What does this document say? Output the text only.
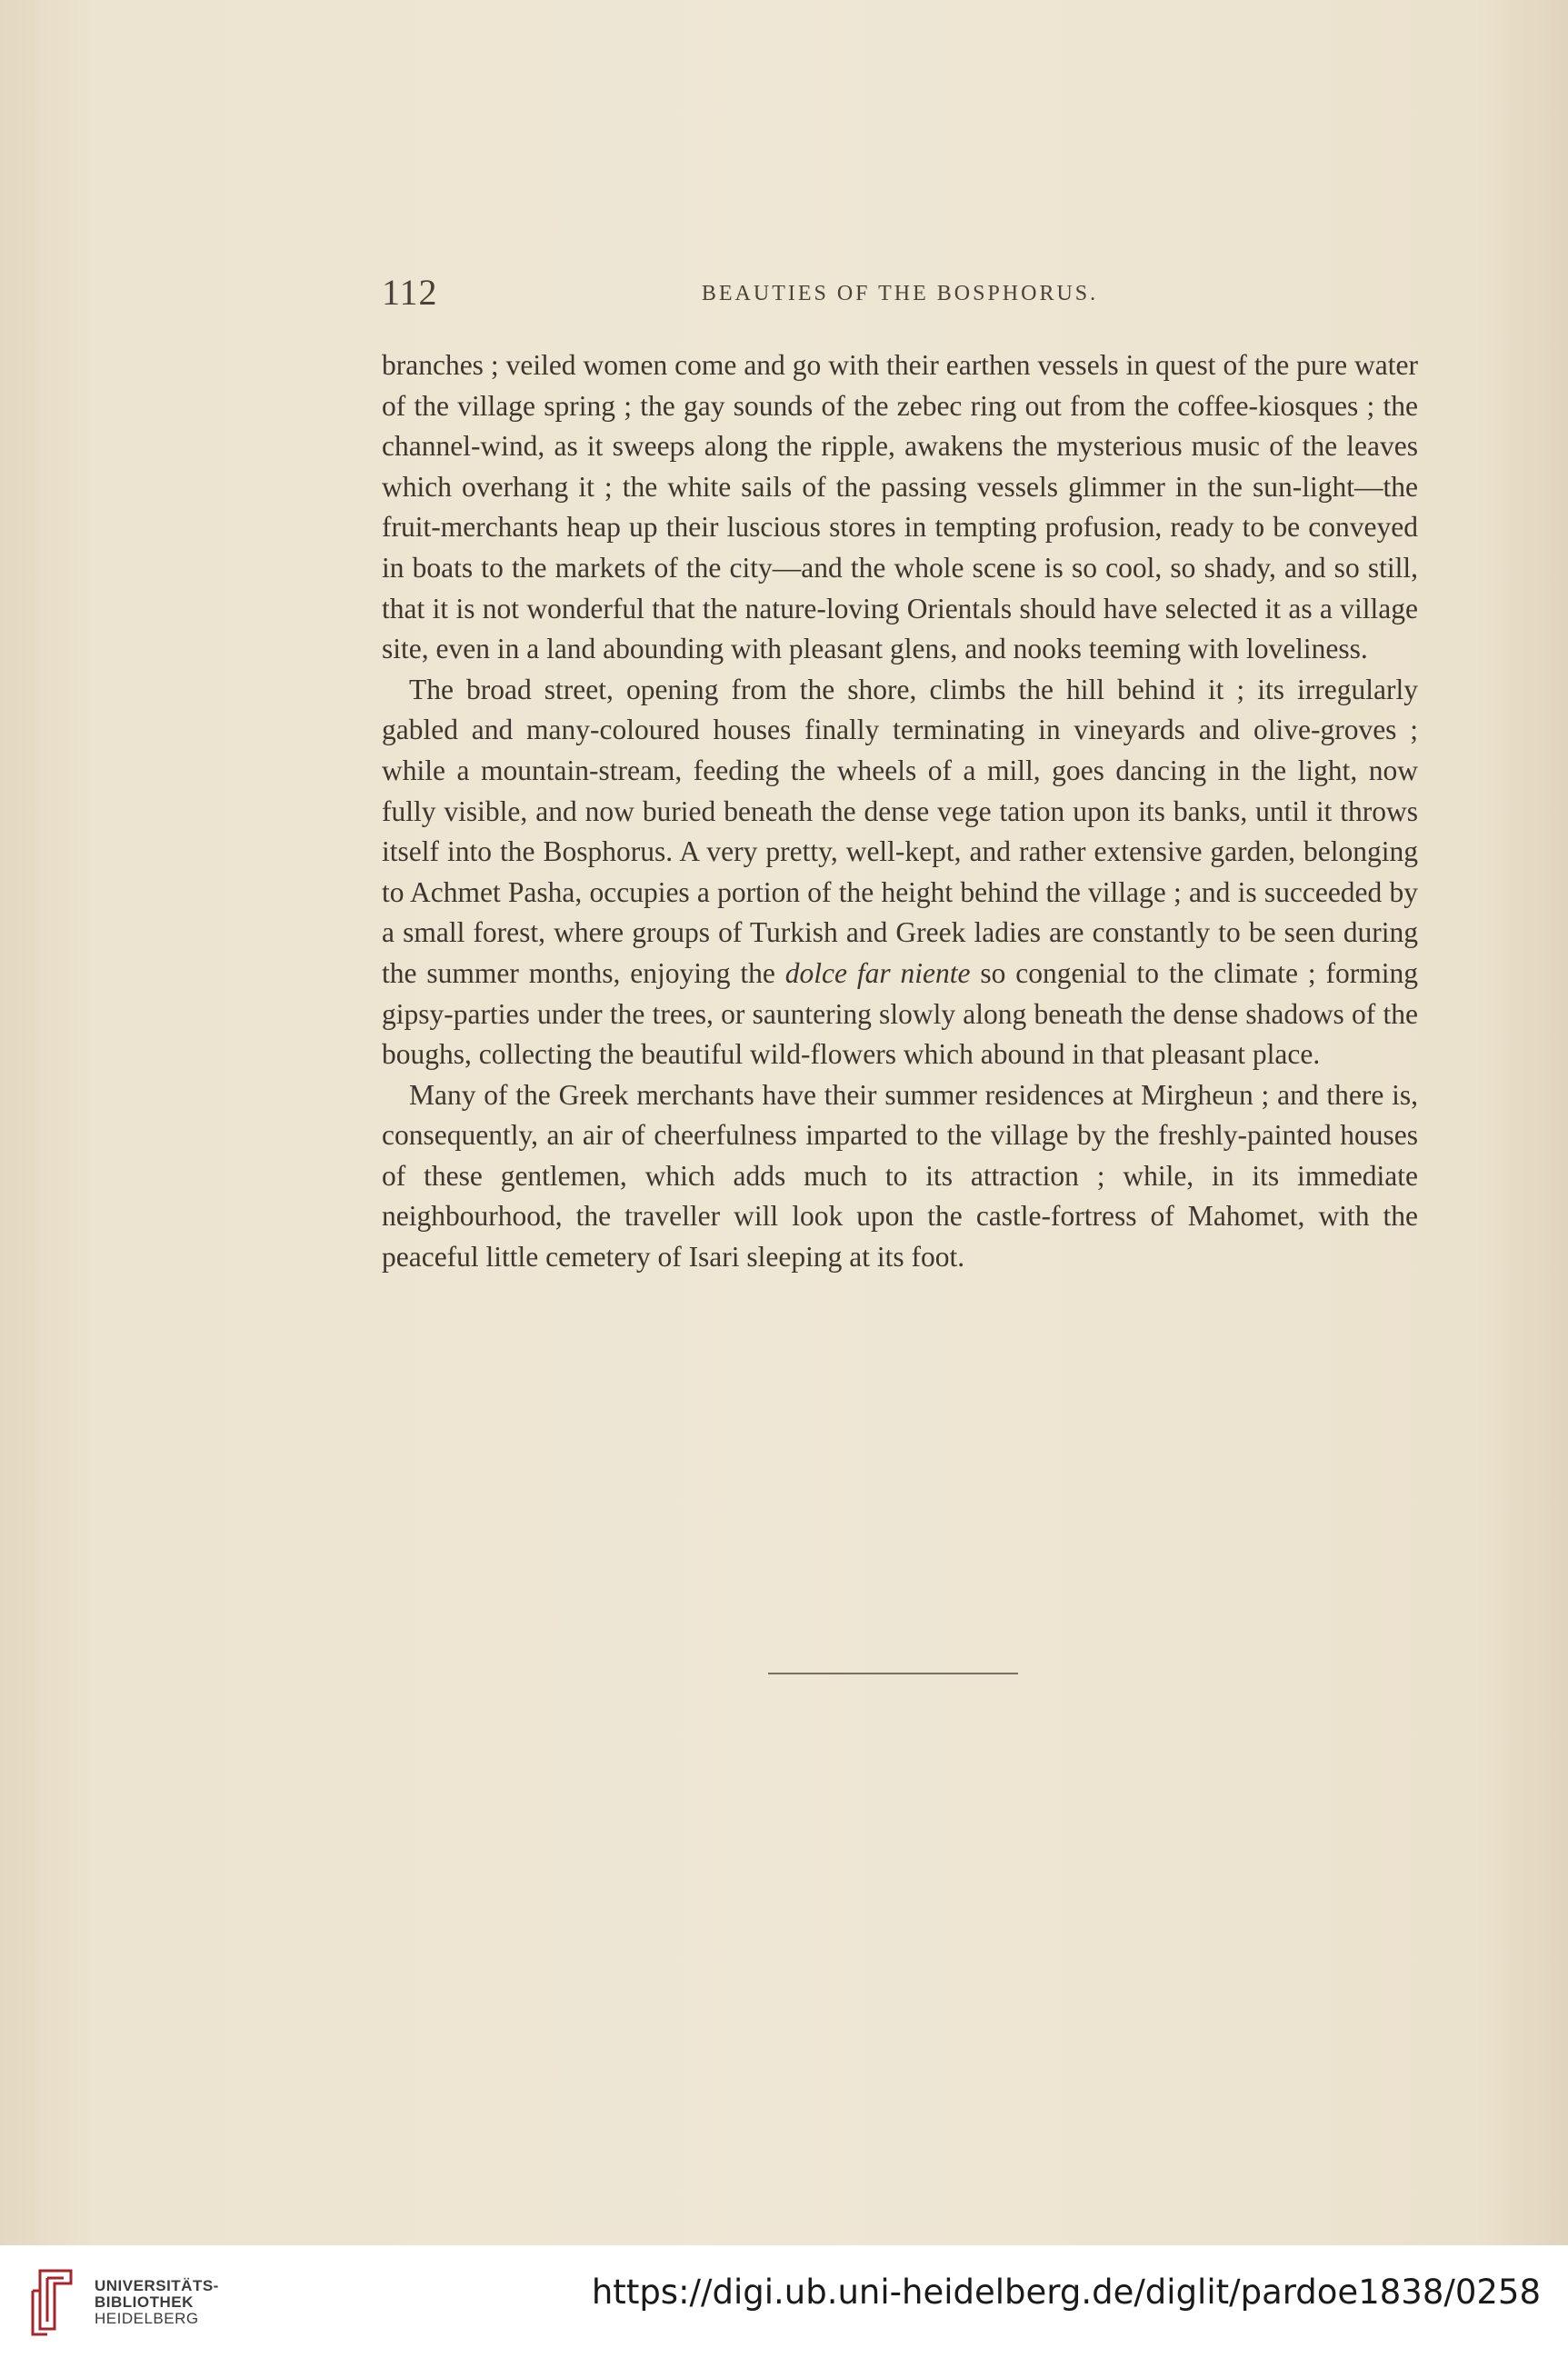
112	BEAUTIES OF THE BOSPHORUS.

branches ; veiled women come and go with their earthen vessels in quest of the pure water of the village spring ; the gay sounds of the zebec ring out from the coffee-kiosques ; the channel-wind, as it sweeps along the ripple, awakens the mysterious music of the leaves which overhang it ; the white sails of the passing vessels glimmer in the sun-light—the fruit-merchants heap up their luscious stores in tempting profusion, ready to be conveyed in boats to the markets of the city—and the whole scene is so cool, so shady, and so still, that it is not wonderful that the nature-loving Orientals should have selected it as a village site, even in a land abounding with pleasant glens, and nooks teeming with loveliness.

The broad street, opening from the shore, climbs the hill behind it ; its irregularly gabled and many-coloured houses finally terminating in vineyards and olive-groves ; while a mountain-stream, feeding the wheels of a mill, goes dancing in the light, now fully visible, and now buried beneath the dense vege tation upon its banks, until it throws itself into the Bosphorus. A very pretty, well-kept, and rather extensive garden, belonging to Achmet Pasha, occupies a portion of the height behind the village ; and is succeeded by a small forest, where groups of Turkish and Greek ladies are constantly to be seen during the summer months, enjoying the dolce far niente so congenial to the climate ; forming gipsy-parties under the trees, or sauntering slowly along beneath the dense shadows of the boughs, collecting the beautiful wild-flowers which abound in that pleasant place.

Many of the Greek merchants have their summer residences at Mirgheun ; and there is, consequently, an air of cheerfulness imparted to the village by the freshly-painted houses of these gentlemen, which adds much to its attraction ; while, in its immediate neighbourhood, the traveller will look upon the castle-fortress of Mahomet, with the peaceful little cemetery of Isari sleeping at its foot.

UNIVERSITÄTS-
BIBLIOTHEK
HEIDELBERG
https://digi.ub.uni-heidelberg.de/diglit/pardoe1838/0258
